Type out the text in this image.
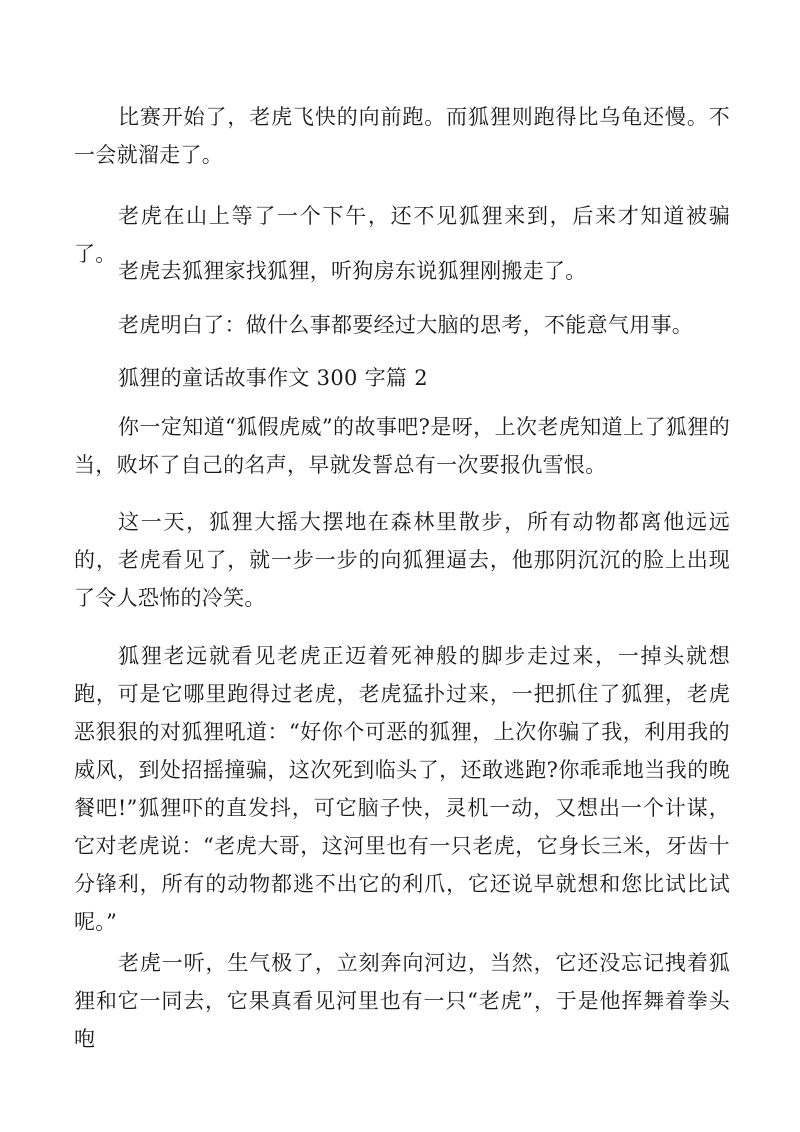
比赛开始了，老虎飞快的向前跑。而狐狸则跑得比乌龟还慢。不一会就溜走了。

老虎在山上等了一个下午，还不见狐狸来到，后来才知道被骗了。

老虎去狐狸家找狐狸，听狗房东说狐狸刚搬走了。

老虎明白了：做什么事都要经过大脑的思考，不能意气用事。

狐狸的童话故事作文 300 字篇 2

你一定知道“狐假虎威”的故事吧?是呀，上次老虎知道上了狐狸的当，败坏了自己的名声，早就发誓总有一次要报仇雪恨。

这一天，狐狸大摇大摆地在森林里散步，所有动物都离他远远的，老虎看见了，就一步一步的向狐狸逼去，他那阴沉沉的脸上出现了令人恐怖的冷笑。

狐狸老远就看见老虎正迈着死神般的脚步走过来，一掉头就想跑，可是它哪里跑得过老虎，老虎猛扑过来，一把抓住了狐狸，老虎恶狠狠的对狐狸吼道：“好你个可恶的狐狸，上次你骗了我，利用我的威风，到处招摇撞骗，这次死到临头了，还敢逃跑?你乖乖地当我的晚餐吧!”狐狸吓的直发抖，可它脑子快，灵机一动，又想出一个计谋，它对老虎说：“老虎大哥，这河里也有一只老虎，它身长三米，牙齿十分锋利，所有的动物都逃不出它的利爪，它还说早就想和您比试比试呢。”

老虎一听，生气极了，立刻奔向河边，当然，它还没忘记拽着狐狸和它一同去，它果真看见河里也有一只“老虎”，于是他挥舞着拳头咆
